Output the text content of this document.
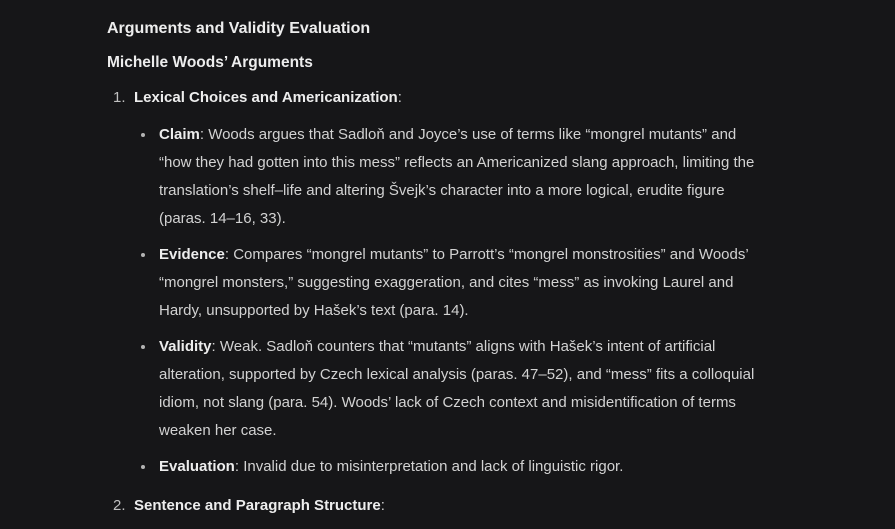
Arguments and Validity Evaluation
Michelle Woods’ Arguments
1. Lexical Choices and Americanization:

Claim: Woods argues that Sadloň and Joyce’s use of terms like “mongrel mutants” and “how they had gotten into this mess” reflects an Americanized slang approach, limiting the translation’s shelf–life and altering Švejk’s character into a more logical, erudite figure (paras. 14–16, 33).

Evidence: Compares “mongrel mutants” to Parrott’s “mongrel monstrosities” and Woods’ “mongrel monsters,” suggesting exaggeration, and cites “mess” as invoking Laurel and Hardy, unsupported by Hašek’s text (para. 14).

Validity: Weak. Sadloň counters that “mutants” aligns with Hašek’s intent of artificial alteration, supported by Czech lexical analysis (paras. 47–52), and “mess” fits a colloquial idiom, not slang (para. 54). Woods’ lack of Czech context and misidentification of terms weaken her case.

Evaluation: Invalid due to misinterpretation and lack of linguistic rigor.

2. Sentence and Paragraph Structure:
